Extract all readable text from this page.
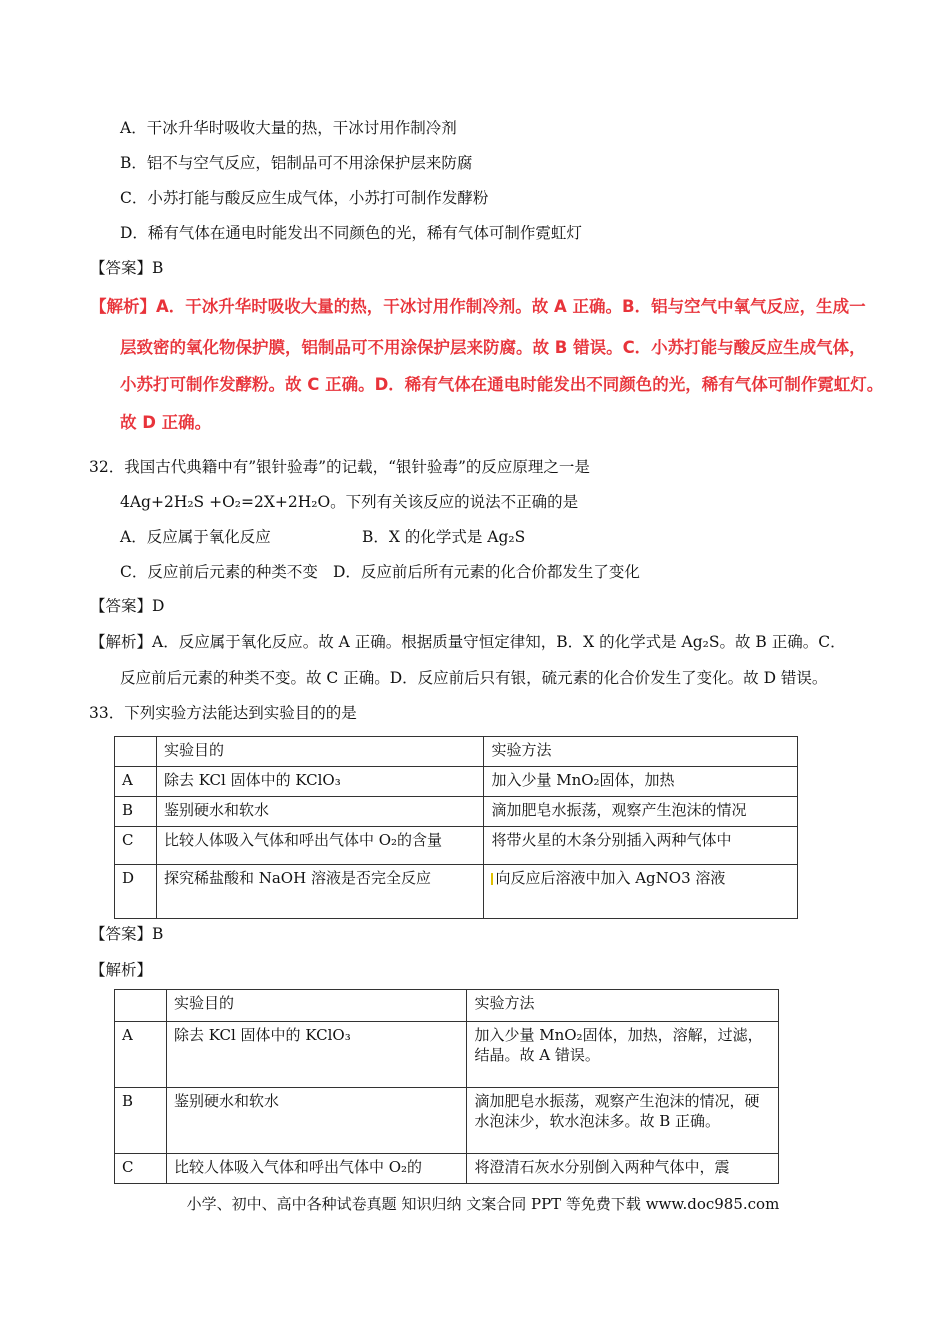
A．干冰升华时吸收大量的热，干冰讨用作制冷剂
B．铝不与空气反应，铝制品可不用涂保护层来防腐
C．小苏打能与酸反应生成气体，小苏打可制作发酵粉
D．稀有气体在通电时能发出不同颜色的光，稀有气体可制作霓虹灯
【答案】B
【解析】A．干冰升华时吸收大量的热，干冰讨用作制冷剂。故 A 正确。B．铝与空气中氧气反应，生成一
层致密的氧化物保护膜，铝制品可不用涂保护层来防腐。故 B 错误。C．小苏打能与酸反应生成气体，
小苏打可制作发酵粉。故 C 正确。D．稀有气体在通电时能发出不同颜色的光，稀有气体可制作霓虹灯。
故 D 正确。
32．我国古代典籍中有”银针验毒”的记载，“银针验毒”的反应原理之一是
4Ag+2H₂S +O₂=2X+2H₂O。下列有关该反应的说法不正确的是
A．反应属于氧化反应	B．X 的化学式是 Ag₂S
C．反应前后元素的种类不变 D．反应前后所有元素的化合价都发生了变化
【答案】D
【解析】A．反应属于氧化反应。故 A 正确。根据质量守恒定律知，B．X 的化学式是 Ag₂S。故 B 正确。C．
反应前后元素的种类不变。故 C 正确。D．反应前后只有银，硫元素的化合价发生了变化。故 D 错误。
33．下列实验方法能达到实验目的的是
	实验目的	实验方法
A	除去 KCl 固体中的 KClO₃	加入少量 MnO₂固体，加热
B	鉴别硬水和软水	滴加肥皂水振荡，观察产生泡沫的情况
C	比较人体吸入气体和呼出气体中 O₂的含量	将带火星的木条分别插入两种气体中
D	探究稀盐酸和 NaOH 溶液是否完全反应	向反应后溶液中加入 AgNO3 溶液
【答案】B
【解析】
	实验目的	实验方法
A	除去 KCl 固体中的 KClO₃	加入少量 MnO₂固体，加热，溶解，过滤，结晶。故 A 错误。
B	鉴别硬水和软水	滴加肥皂水振荡，观察产生泡沫的情况，硬水泡沫少，软水泡沫多。故 B 正确。
C	比较人体吸入气体和呼出气体中 O₂的	将澄清石灰水分别倒入两种气体中，震
小学、初中、高中各种试卷真题 知识归纳 文案合同 PPT 等免费下载 www.doc985.com
